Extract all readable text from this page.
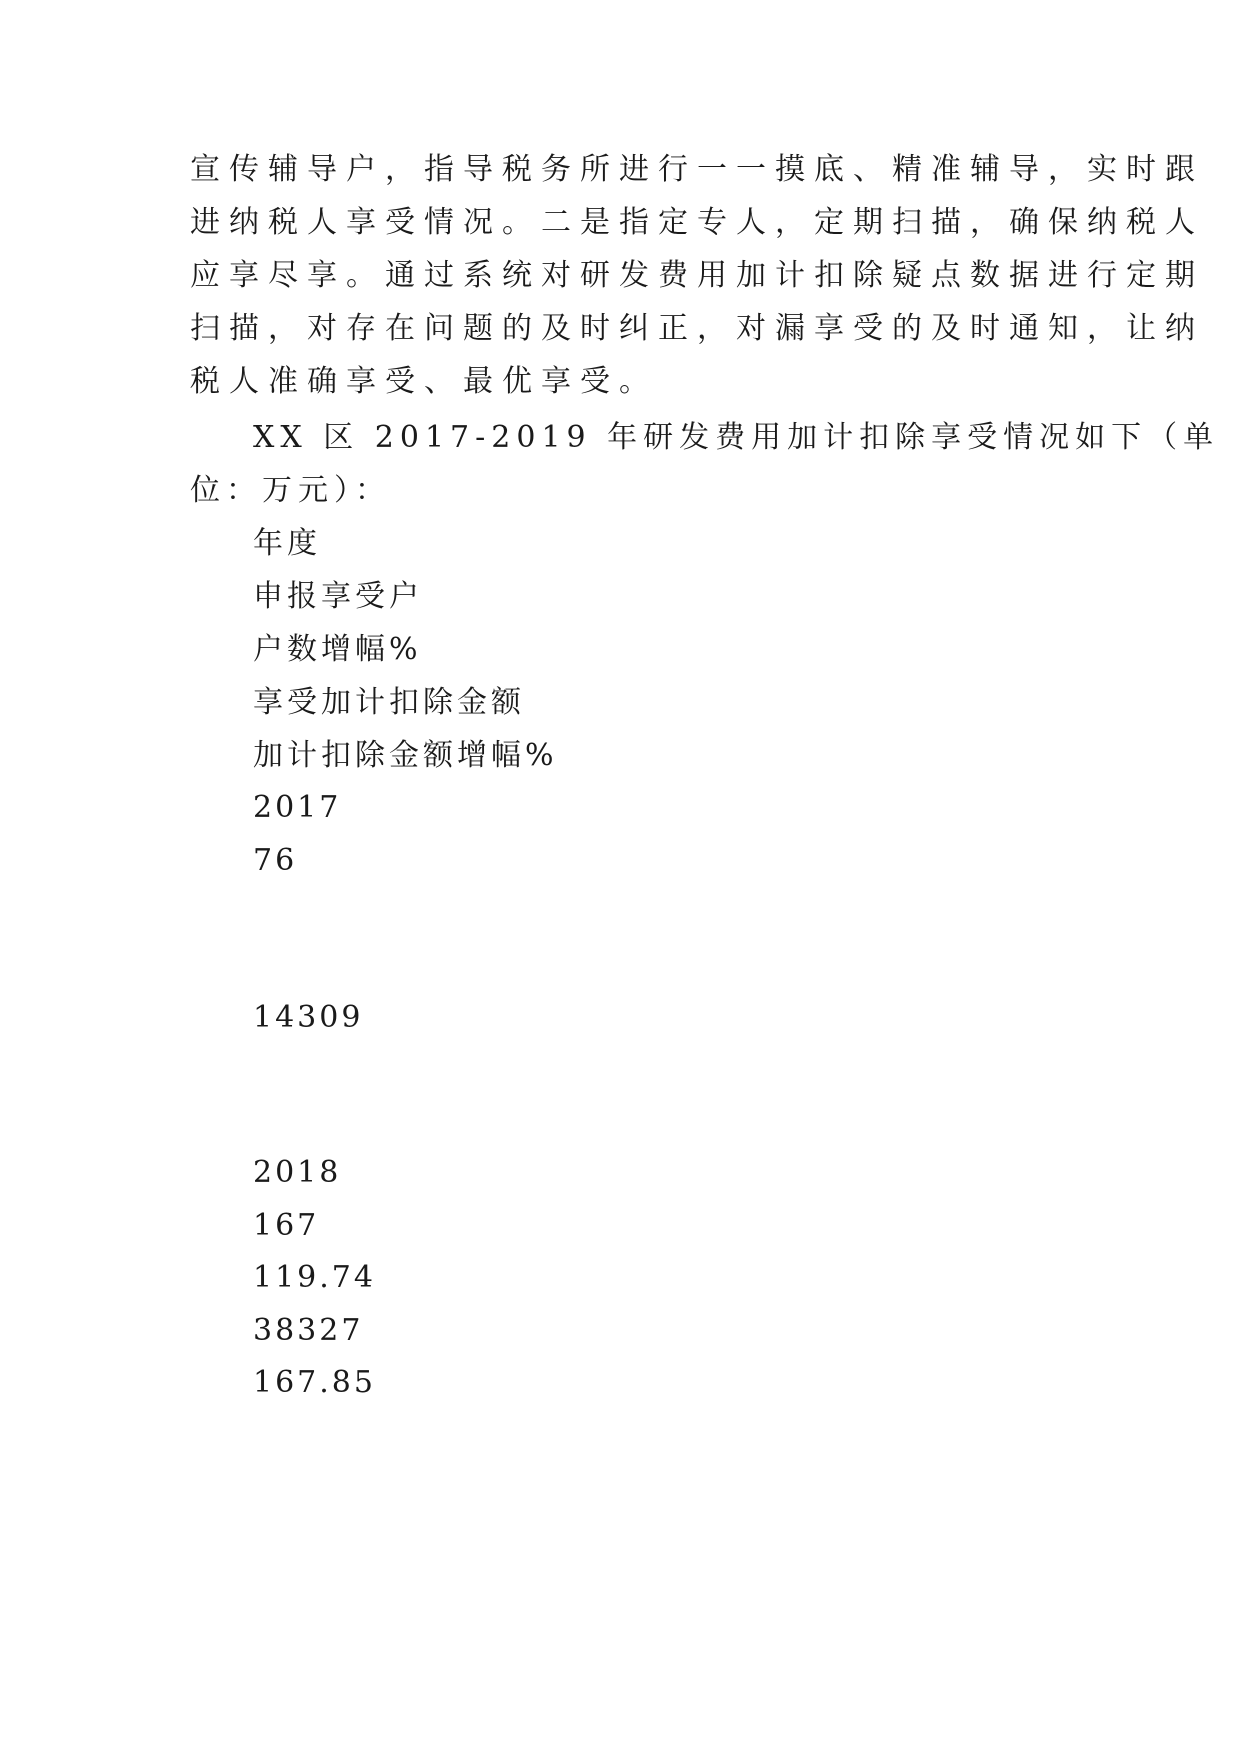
宣传辅导户，指导税务所进行一一摸底、精准辅导，实时跟
进纳税人享受情况。二是指定专人，定期扫描，确保纳税人
应享尽享。通过系统对研发费用加计扣除疑点数据进行定期
扫描，对存在问题的及时纠正，对漏享受的及时通知，让纳
税人准确享受、最优享受。
XX 区 2017-2019 年研发费用加计扣除享受情况如下（单
位：万元）：
年度
申报享受户
户数增幅%
享受加计扣除金额
加计扣除金额增幅%
2017
76
14309
2018
167
119.74
38327
167.85
